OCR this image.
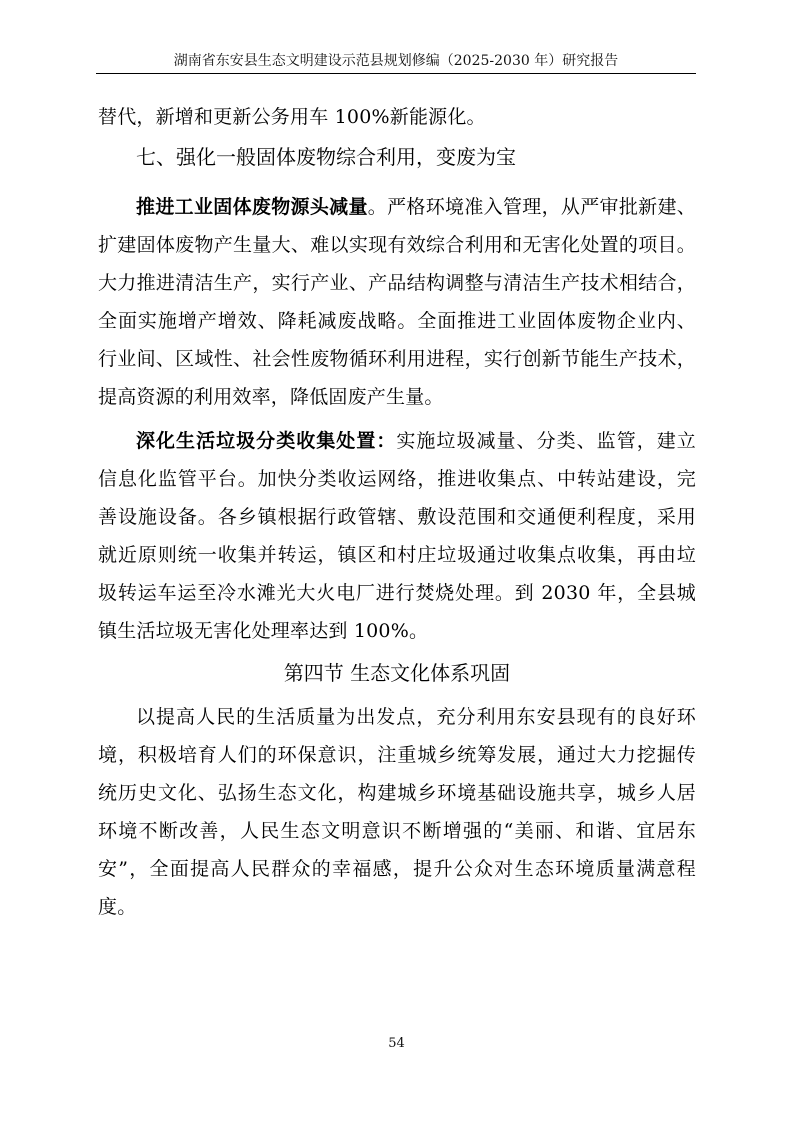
湖南省东安县生态文明建设示范县规划修编（2025-2030 年）研究报告
替代，新增和更新公务用车 100%新能源化。
七、强化一般固体废物综合利用，变废为宝
推进工业固体废物源头减量。严格环境准入管理，从严审批新建、
扩建固体废物产生量大、难以实现有效综合利用和无害化处置的项目。
大力推进清洁生产，实行产业、产品结构调整与清洁生产技术相结合，
全面实施增产增效、降耗减废战略。全面推进工业固体废物企业内、
行业间、区域性、社会性废物循环利用进程，实行创新节能生产技术，
提高资源的利用效率，降低固废产生量。
深化生活垃圾分类收集处置：实施垃圾减量、分类、监管，建立
信息化监管平台。加快分类收运网络，推进收集点、中转站建设，完
善设施设备。各乡镇根据行政管辖、敷设范围和交通便利程度，采用
就近原则统一收集并转运，镇区和村庄垃圾通过收集点收集，再由垃
圾转运车运至冷水滩光大火电厂进行焚烧处理。到 2030 年，全县城
镇生活垃圾无害化处理率达到 100%。
第四节 生态文化体系巩固
以提高人民的生活质量为出发点，充分利用东安县现有的良好环
境，积极培育人们的环保意识，注重城乡统筹发展，通过大力挖掘传
统历史文化、弘扬生态文化，构建城乡环境基础设施共享，城乡人居
环境不断改善，人民生态文明意识不断增强的“美丽、和谐、宜居东
安”，全面提高人民群众的幸福感，提升公众对生态环境质量满意程
度。
54
